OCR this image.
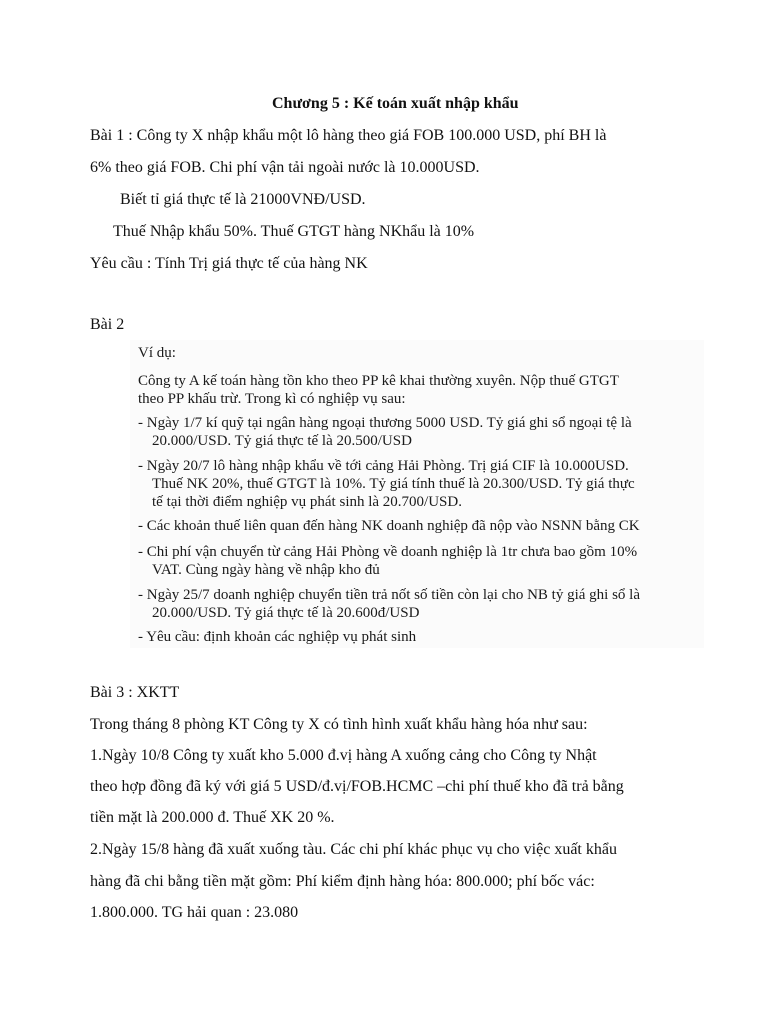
Chương 5 : Kế toán xuất nhập khẩu

Bài 1 : Công ty X nhập khẩu một lô hàng theo giá FOB 100.000 USD, phí BH là

6% theo giá FOB. Chi phí vận tải ngoài nước là 10.000USD.

Biết tỉ giá thực tế là 21000VNĐ/USD.

Thuế Nhập khẩu 50%. Thuế GTGT hàng NKhẩu là 10%

Yêu cầu : Tính Trị giá thực tế của hàng NK

Bài 2

Ví dụ:

Công ty A kế toán hàng tồn kho theo PP kê khai thường xuyên. Nộp thuế GTGT

theo PP khấu trừ. Trong kì có nghiệp vụ sau:

- Ngày 1/7 kí quỹ tại ngân hàng ngoại thương 5000 USD. Tỷ giá ghi sổ ngoại tệ là

20.000/USD. Tỷ giá thực tế là 20.500/USD

- Ngày 20/7 lô hàng nhập khẩu về tới cảng Hải Phòng. Trị giá CIF là 10.000USD.

Thuế NK 20%, thuế GTGT là 10%. Tỷ giá tính thuế là 20.300/USD. Tỷ giá thực

tế tại thời điểm nghiệp vụ phát sinh là 20.700/USD.

- Các khoản thuế liên quan đến hàng NK doanh nghiệp đã nộp vào NSNN bằng CK

- Chi phí vận chuyển từ cảng Hải Phòng về doanh nghiệp là 1tr chưa bao gồm 10%

VAT. Cùng ngày hàng về nhập kho đủ

- Ngày 25/7 doanh nghiệp chuyển tiền trả nốt số tiền còn lại cho NB tỷ giá ghi sổ là

20.000/USD. Tỷ giá thực tế là 20.600đ/USD

- Yêu cầu: định khoản các nghiệp vụ phát sinh

Bài 3 : XKTT

Trong tháng 8 phòng KT Công ty X có tình hình xuất khẩu hàng hóa như sau:

1.Ngày 10/8 Công ty xuất kho 5.000 đ.vị hàng A xuống cảng cho Công ty Nhật

theo hợp đồng đã ký với giá 5 USD/đ.vị/FOB.HCMC –chi phí thuế kho đã trả bằng

tiền mặt là 200.000 đ. Thuế XK 20 %.

2.Ngày 15/8 hàng đã xuất xuống tàu. Các chi phí khác phục vụ cho việc xuất khẩu

hàng đã chi bằng tiền mặt gồm: Phí kiểm định hàng hóa: 800.000; phí bốc vác:

1.800.000. TG hải quan : 23.080
